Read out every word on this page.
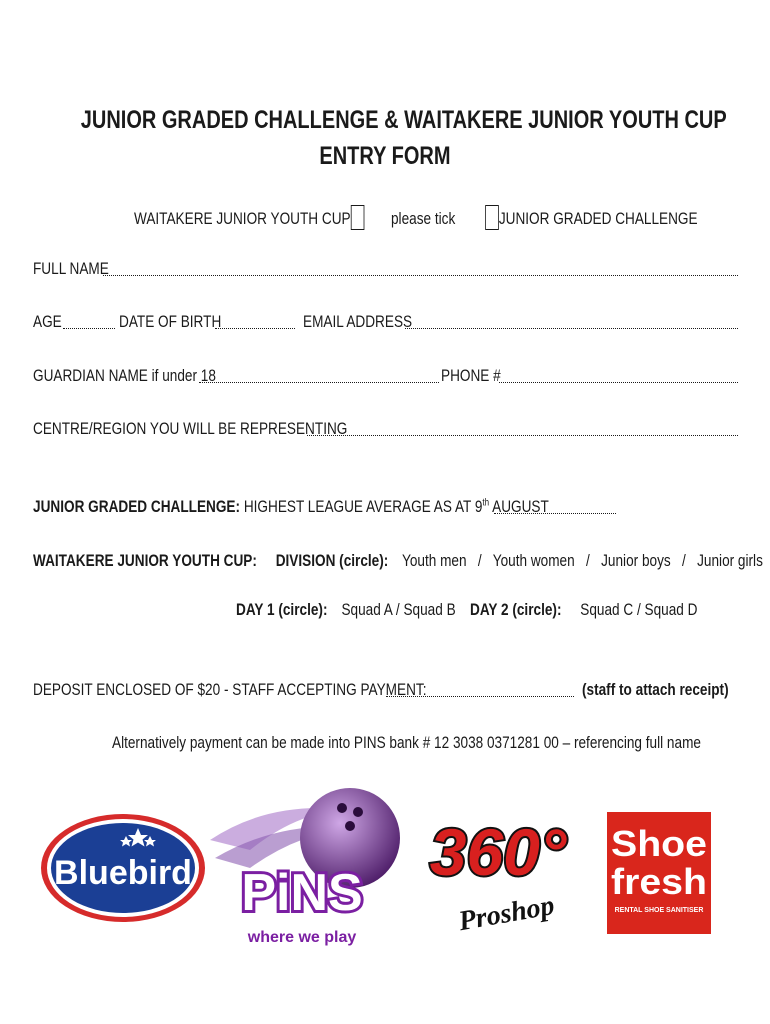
JUNIOR GRADED CHALLENGE & WAITAKERE JUNIOR YOUTH CUP
ENTRY FORM
WAITAKERE JUNIOR YOUTH CUP please tick	JUNIOR GRADED CHALLENGE
FULL NAME
AGE	DATE OF BIRTH	EMAIL ADDRESS
GUARDIAN NAME if under 18	PHONE #
CENTRE/REGION YOU WILL BE REPRESENTING
JUNIOR GRADED CHALLENGE: HIGHEST LEAGUE AVERAGE AS AT 9th AUGUST
WAITAKERE JUNIOR YOUTH CUP: DIVISION (circle): Youth men   /   Youth women   /   Junior boys   /   Junior girls
DAY 1 (circle): Squad A / Squad B DAY 2 (circle): Squad C / Squad D
DEPOSIT ENCLOSED OF $20 - STAFF ACCEPTING PAYMENT:	(staff to attach receipt)
Alternatively payment can be made into PINS bank # 12 3038 0371281 00 – referencing full name
Bluebird PiNS
where we play
360°
Proshop
Shoe
fresh
RENTAL SHOE SANITISER
